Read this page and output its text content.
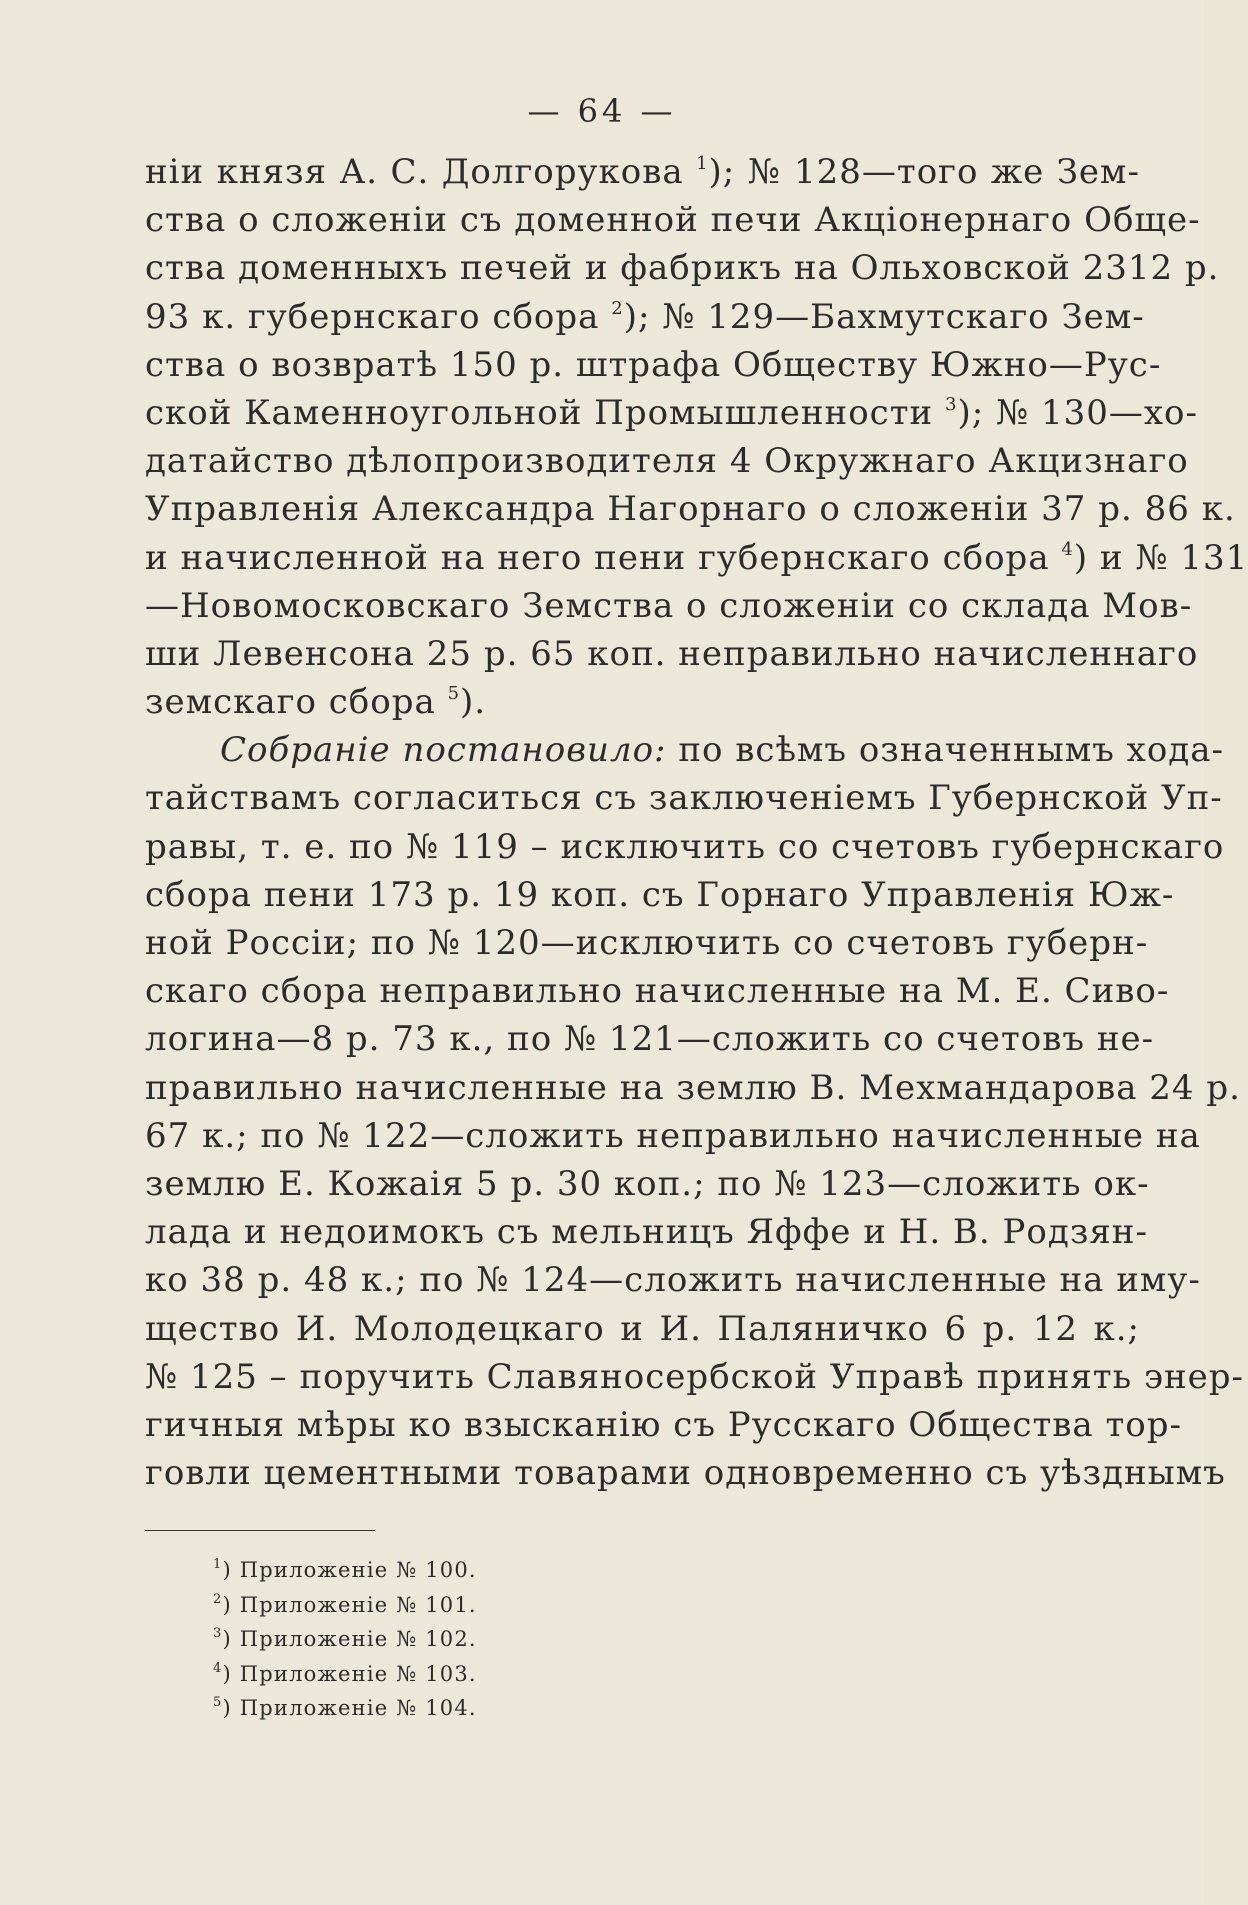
— 64 —
ніи князя А. С. Долгорукова $^1$); № 128—того же Зем-
ства о сложеніи съ доменной печи Акціонернаго Обще-
ства доменныхъ печей и фабрикъ на Ольховской 2312 р.
93 к. губернскаго сбора $^2$); № 129—Бахмутскаго Зем-
ства о возвратѣ 150 р. штрафа Обществу Южно—Рус-
ской Каменноугольной Промышленности $^3$); № 130—хо-
датайство дѣлопроизводителя 4 Окружнаго Акцизнаго
Управленія Александра Нагорнаго о сложеніи 37 р. 86 к.
и начисленной на него пени губернскаго сбора $^4$) и № 131
—Новомосковскаго Земства о сложеніи со склада Мов-
ши Левенсона 25 р. 65 коп. неправильно начисленнаго
земскаго сбора $^5$).
Собраніе постановило: по всѣмъ означеннымъ хода-
тайствамъ согласиться съ заключеніемъ Губернской Уп-
равы, т. е. по № 119 – исключить со счетовъ губернскаго
сбора пени 173 р. 19 коп. съ Горнаго Управленія Юж-
ной Россіи; по № 120—исключить со счетовъ губерн-
скаго сбора неправильно начисленные на М. Е. Сиво-
логина—8 р. 73 к., по № 121—сложить со счетовъ не-
правильно начисленные на землю В. Мехмандарова 24 р.
67 к.; по № 122—сложить неправильно начисленные на
землю Е. Кожаія 5 р. 30 коп.; по № 123—сложить ок-
лада и недоимокъ съ мельницъ Яффе и Н. В. Родзян-
ко 38 р. 48 к.; по № 124—сложить начисленные на иму-
щество И. Молодецкаго и И. Паляничко 6 р. 12 к.;
№ 125 – поручить Славяносербской Управѣ принять энер-
гичныя мѣры ко взысканію съ Русскаго Общества тор-
говли цементными товарами одновременно съ уѣзднымъ
$^1$) Приложеніе № 100.
$^2$) Приложеніе № 101.
$^3$) Приложеніе № 102.
$^4$) Приложеніе № 103.
$^5$) Приложеніе № 104.
